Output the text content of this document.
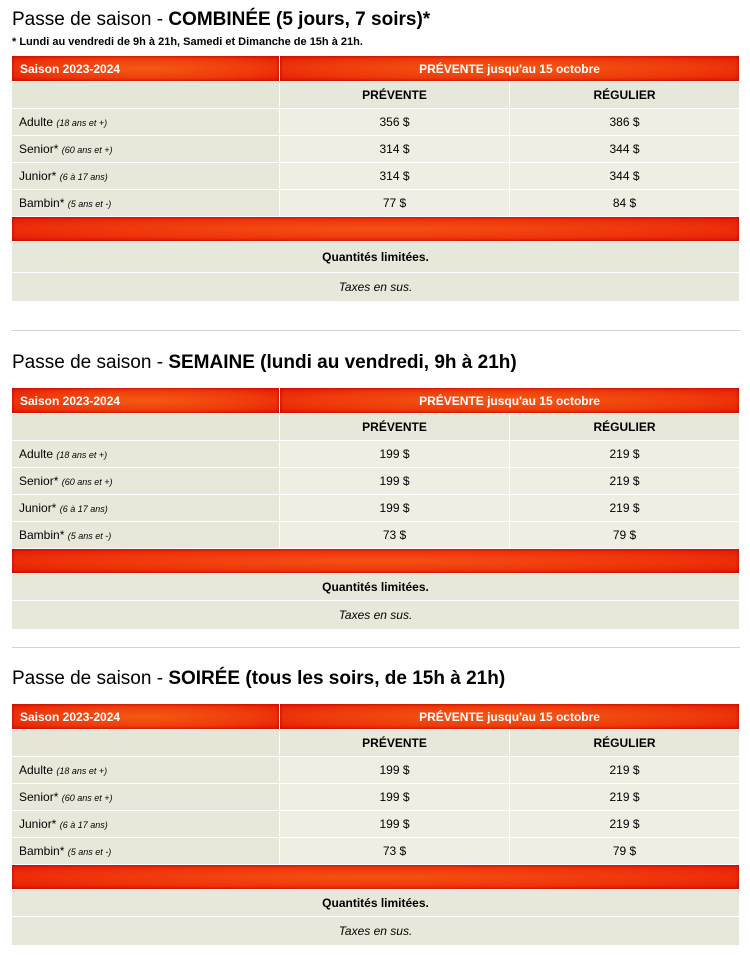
Passe de saison - COMBINÉE (5 jours, 7 soirs)*
* Lundi au vendredi de 9h à 21h, Samedi et Dimanche de 15h à 21h.
Saison 2023-2024	PRÉVENTE jusqu'au 15 octobre	
	PRÉVENTE	RÉGULIER
Adulte (18 ans et +)	356 $	386 $
Senior* (60 ans et +)	314 $	344 $
Junior* (6 à 17 ans)	314 $	344 $
Bambin* (5 ans et -)	77 $	84 $

Quantités limitées.		
Taxes en sus.		
Passe de saison - SEMAINE (lundi au vendredi, 9h à 21h)
Saison 2023-2024	PRÉVENTE jusqu'au 15 octobre	
	PRÉVENTE	RÉGULIER
Adulte (18 ans et +)	199 $	219 $
Senior* (60 ans et +)	199 $	219 $
Junior* (6 à 17 ans)	199 $	219 $
Bambin* (5 ans et -)	73 $	79 $

Quantités limitées.		
Taxes en sus.		
Passe de saison - SOIRÉE (tous les soirs, de 15h à 21h)
Saison 2023-2024	PRÉVENTE jusqu'au 15 octobre	
	PRÉVENTE	RÉGULIER
Adulte (18 ans et +)	199 $	219 $
Senior* (60 ans et +)	199 $	219 $
Junior* (6 à 17 ans)	199 $	219 $
Bambin* (5 ans et -)	73 $	79 $

Quantités limitées.		
Taxes en sus.		
